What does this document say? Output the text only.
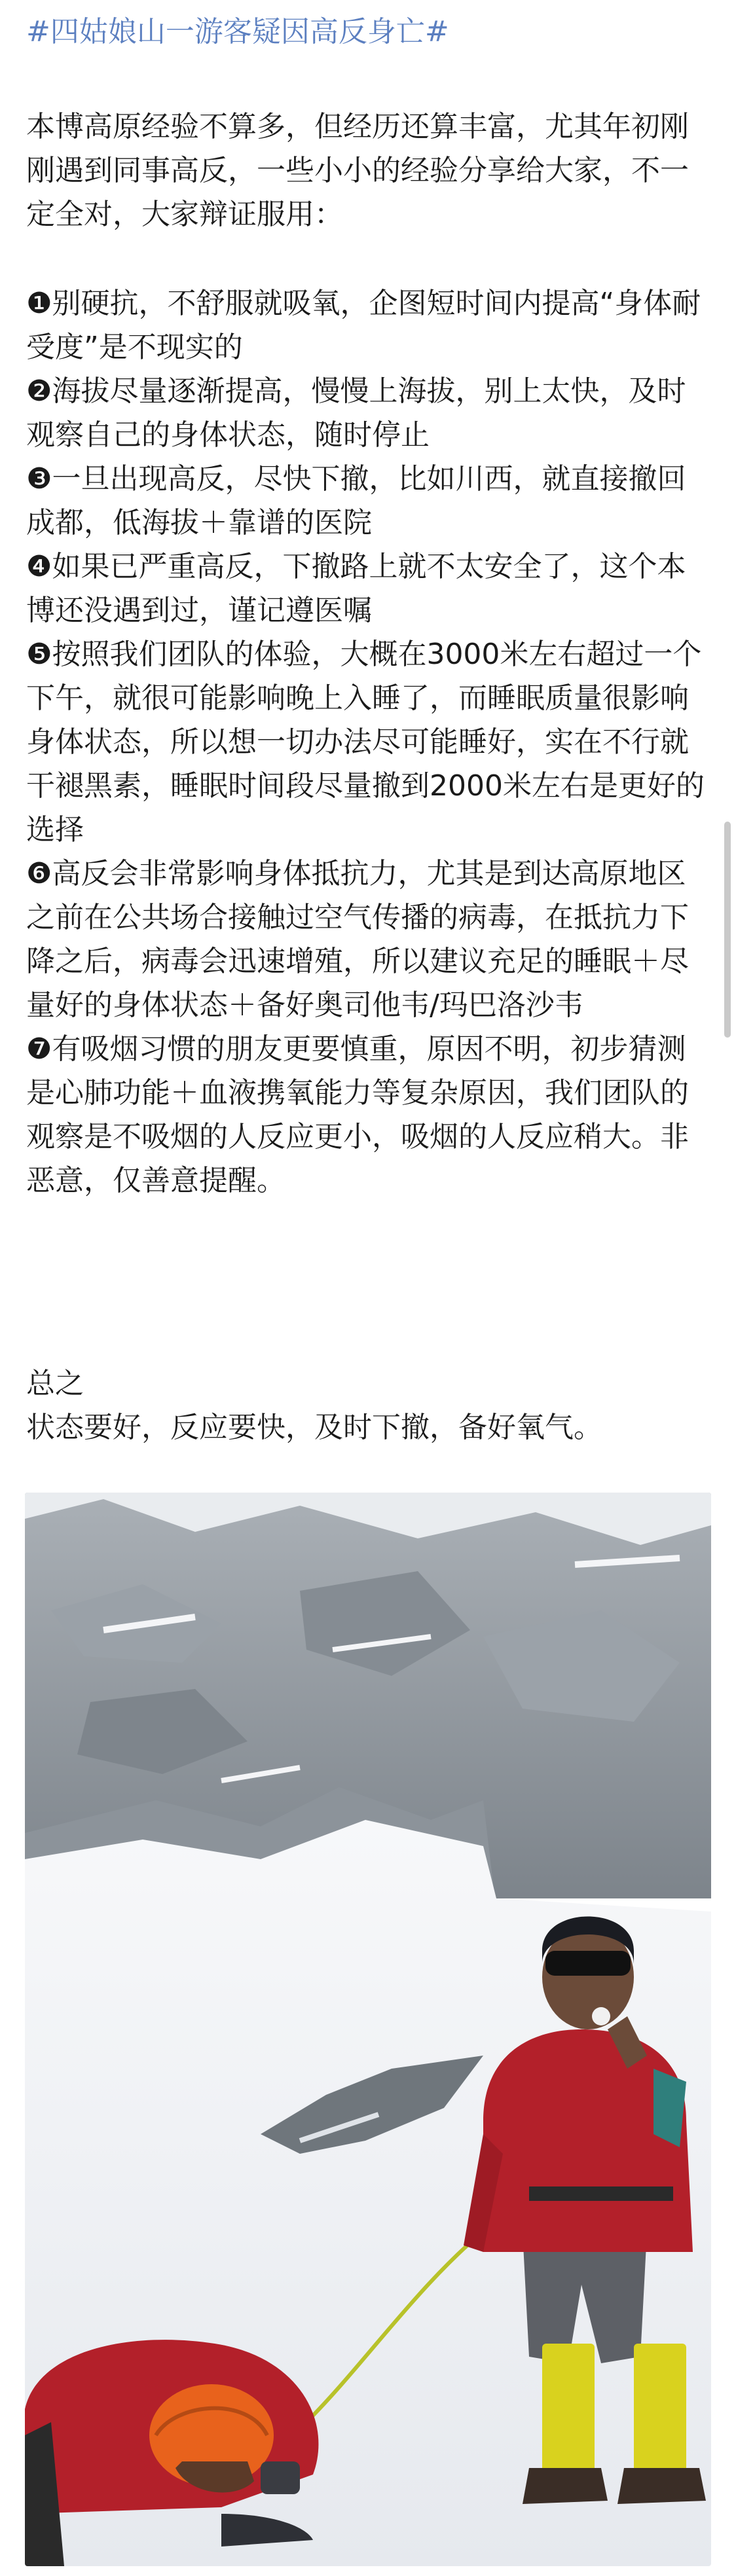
#四姑娘山一游客疑因高反身亡#
本博高原经验不算多，但经历还算丰富，尤其年初刚刚遇到同事高反，一些小小的经验分享给大家，不一定全对，大家辩证服用：
❶别硬抗，不舒服就吸氧，企图短时间内提高“身体耐受度”是不现实的
❷海拔尽量逐渐提高，慢慢上海拔，别上太快，及时观察自己的身体状态，随时停止
❸一旦出现高反，尽快下撤，比如川西，就直接撤回成都，低海拔＋靠谱的医院
❹如果已严重高反，下撤路上就不太安全了，这个本博还没遇到过，谨记遵医嘱
❺按照我们团队的体验，大概在3000米左右超过一个下午，就很可能影响晚上入睡了，而睡眠质量很影响身体状态，所以想一切办法尽可能睡好，实在不行就干褪黑素，睡眠时间段尽量撤到2000米左右是更好的选择
❻高反会非常影响身体抵抗力，尤其是到达高原地区之前在公共场合接触过空气传播的病毒，在抵抗力下降之后，病毒会迅速增殖，所以建议充足的睡眠＋尽量好的身体状态＋备好奥司他韦/玛巴洛沙韦
❼有吸烟习惯的朋友更要慎重，原因不明，初步猜测是心肺功能＋血液携氧能力等复杂原因，我们团队的观察是不吸烟的人反应更小，吸烟的人反应稍大。非恶意，仅善意提醒。
总之
状态要好，反应要快，及时下撤，备好氧气。
